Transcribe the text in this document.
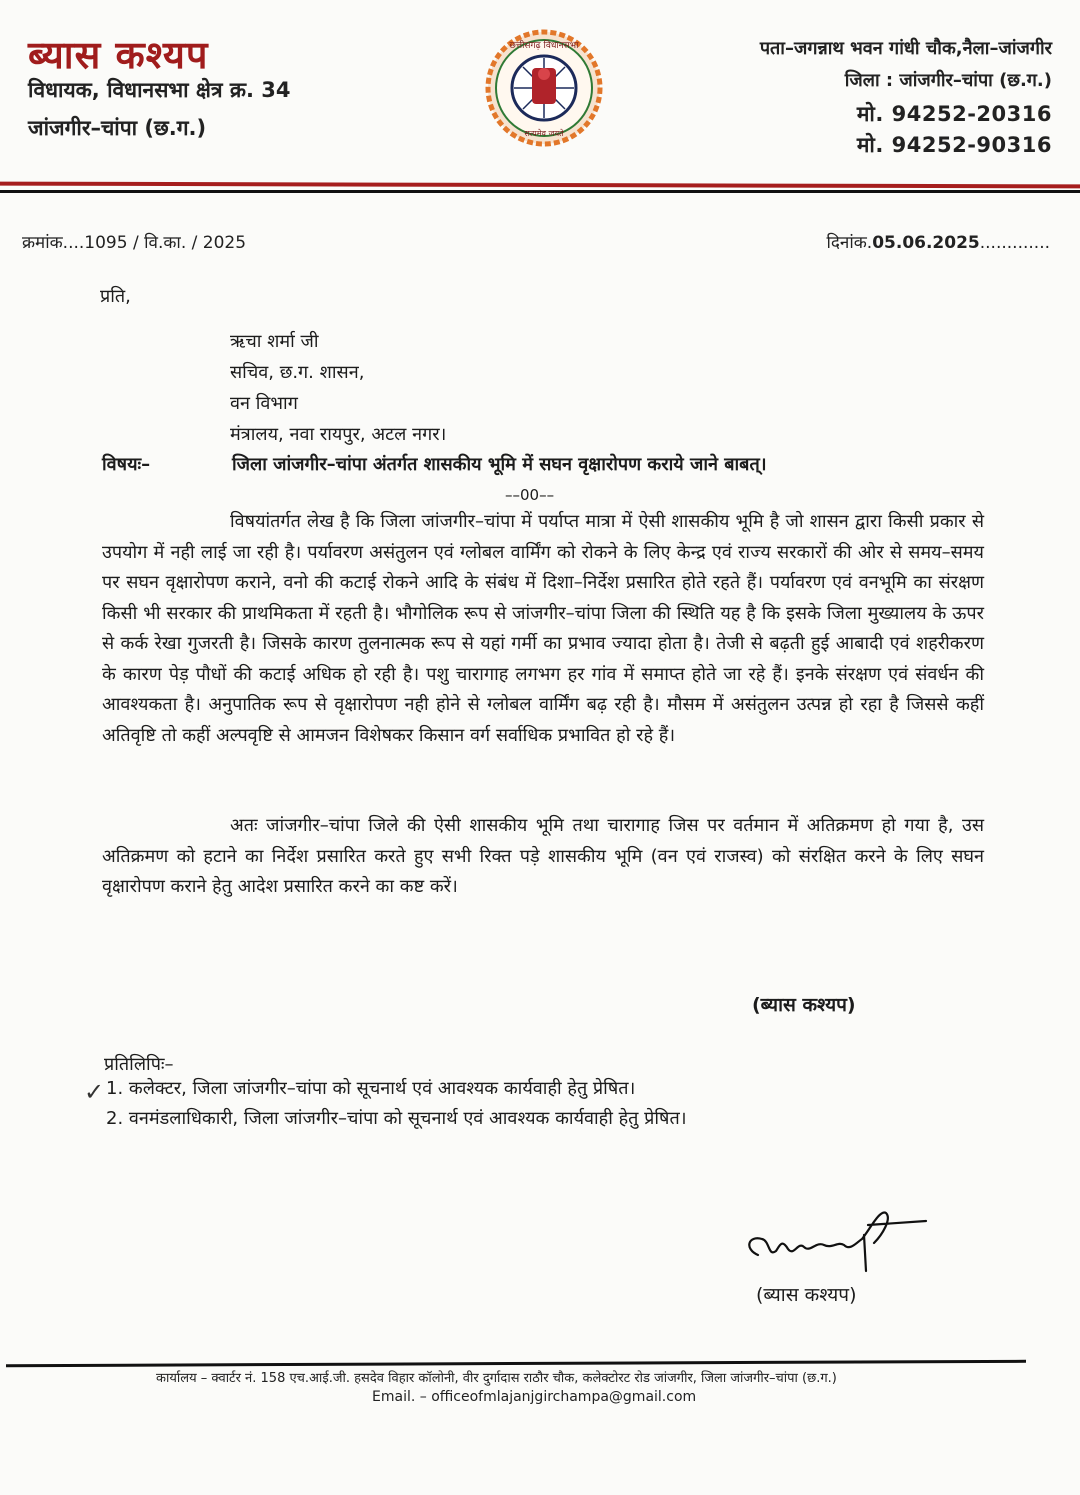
ब्यास कश्यप
विधायक, विधानसभा क्षेत्र क्र. 34
जांजगीर–चांपा (छ.ग.)
पता–जगन्नाथ भवन गांधी चौक,नैला–जांजगीर
जिला : जांजगीर–चांपा (छ.ग.)
मो. 94252-20316
मो. 94252-90316
छत्तीसगढ़ विधानसभा
सत्यमेव जयते
क्रमांक....1095 / वि.का. / 2025	दिनांक.05.06.2025.............
प्रति,
ऋचा शर्मा जी
सचिव, छ.ग. शासन,
वन विभाग
मंत्रालय, नवा रायपुर, अटल नगर।
विषयः–	जिला जांजगीर–चांपा अंतर्गत शासकीय भूमि में सघन वृक्षारोपण कराये जाने बाबत्।
––00––
विषयांतर्गत लेख है कि जिला जांजगीर–चांपा में पर्याप्त मात्रा में ऐसी शासकीय भूमि है जो शासन द्वारा किसी प्रकार से उपयोग में नही लाई जा रही है। पर्यावरण असंतुलन एवं ग्लोबल वार्मिंग को रोकने के लिए केन्द्र एवं राज्य सरकारों की ओर से समय–समय पर सघन वृक्षारोपण कराने, वनो की कटाई रोकने आदि के संबंध में दिशा–निर्देश प्रसारित होते रहते हैं। पर्यावरण एवं वनभूमि का संरक्षण किसी भी सरकार की प्राथमिकता में रहती है। भौगोलिक रूप से जांजगीर–चांपा जिला की स्थिति यह है कि इसके जिला मुख्यालय के ऊपर से कर्क रेखा गुजरती है। जिसके कारण तुलनात्मक रूप से यहां गर्मी का प्रभाव ज्यादा होता है। तेजी से बढ़ती हुई आबादी एवं शहरीकरण के कारण पेड़ पौधों की कटाई अधिक हो रही है। पशु चारागाह लगभग हर गांव में समाप्त होते जा रहे हैं। इनके संरक्षण एवं संवर्धन की आवश्यकता है। अनुपातिक रूप से वृक्षारोपण नही होने से ग्लोबल वार्मिंग बढ़ रही है। मौसम में असंतुलन उत्पन्न हो रहा है जिससे कहीं अतिवृष्टि तो कहीं अल्पवृष्टि से आमजन विशेषकर किसान वर्ग सर्वाधिक प्रभावित हो रहे हैं।
अतः जांजगीर–चांपा जिले की ऐसी शासकीय भूमि तथा चारागाह जिस पर वर्तमान में अतिक्रमण हो गया है, उस अतिक्रमण को हटाने का निर्देश प्रसारित करते हुए सभी रिक्त पड़े शासकीय भूमि (वन एवं राजस्व) को संरक्षित करने के लिए सघन वृक्षारोपण कराने हेतु आदेश प्रसारित करने का कष्ट करें।
(ब्यास कश्यप)
प्रतिलिपिः–
✓ 1. कलेक्टर, जिला जांजगीर–चांपा को सूचनार्थ एवं आवश्यक कार्यवाही हेतु प्रेषित।
2. वनमंडलाधिकारी, जिला जांजगीर–चांपा को सूचनार्थ एवं आवश्यक कार्यवाही हेतु प्रेषित।
(ब्यास कश्यप)
कार्यालय – क्वार्टर नं. 158 एच.आई.जी. हसदेव विहार कॉलोनी, वीर दुर्गादास राठौर चौक, कलेक्टोरट रोड जांजगीर, जिला जांजगीर–चांपा (छ.ग.)
Email. – officeofmlajanjgirchampa@gmail.com
